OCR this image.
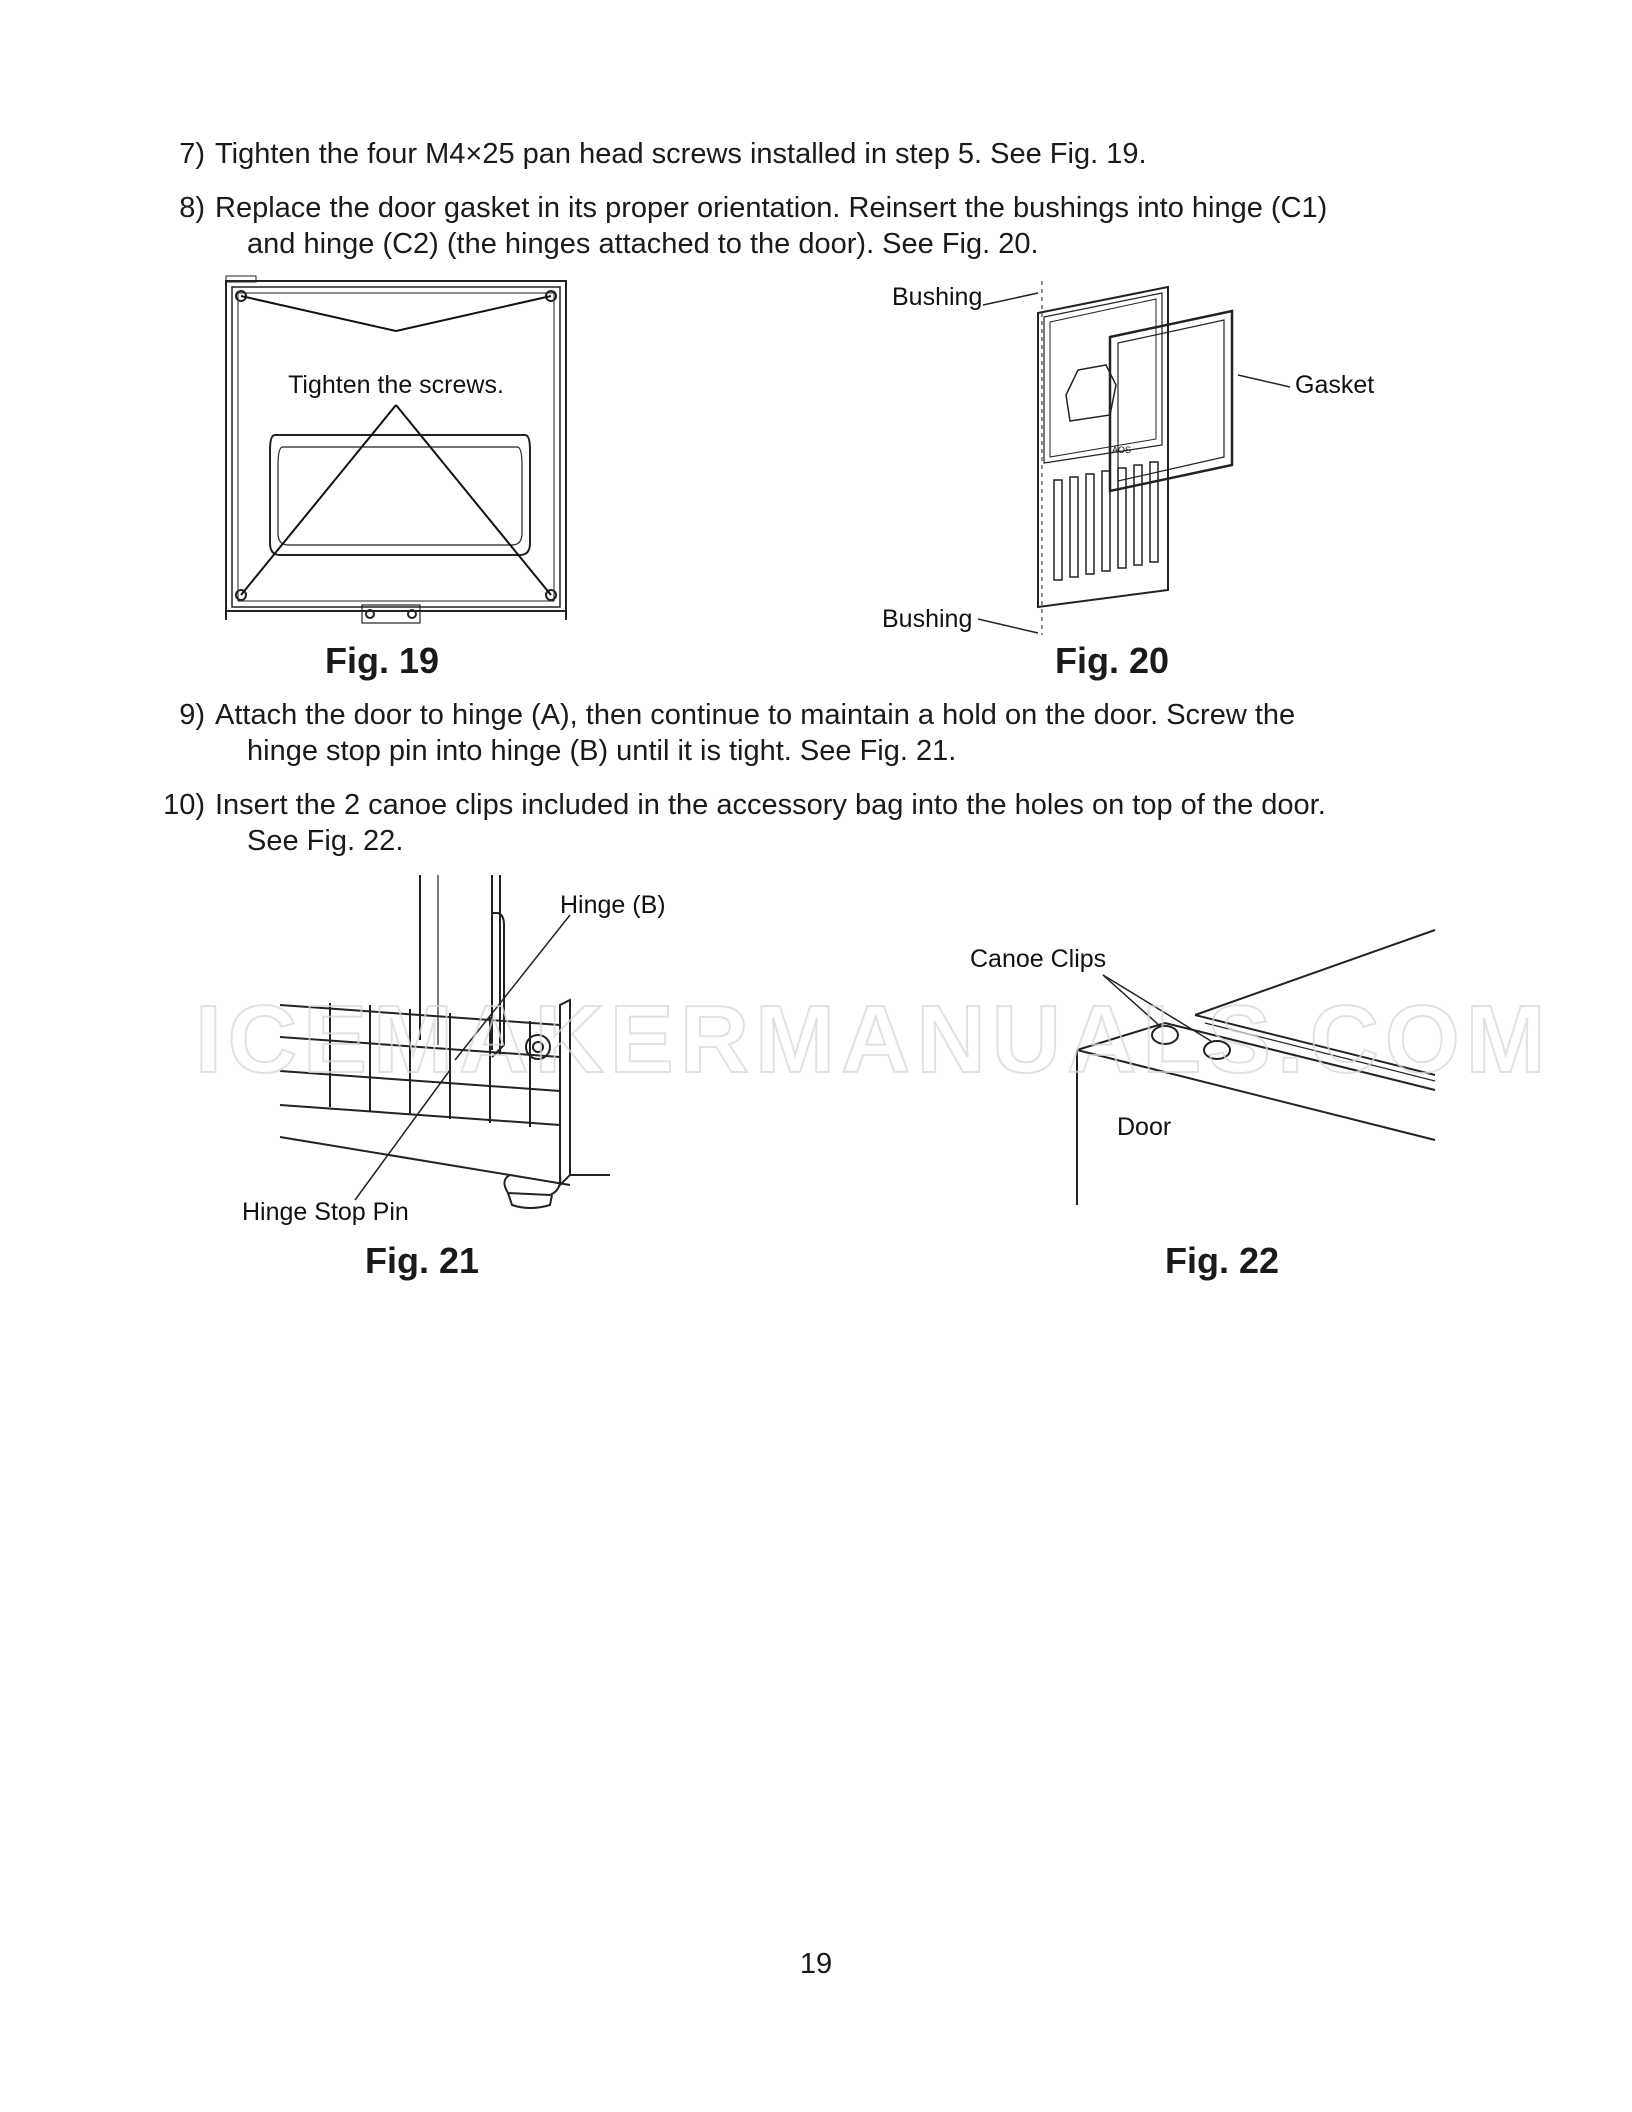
7) Tighten the four M4×25 pan head screws installed in step 5. See Fig. 19.
8) Replace the door gasket in its proper orientation. Reinsert the bushings into hinge (C1)
and hinge (C2) (the hinges attached to the door). See Fig. 20.
Tighten the screws.
Fig. 19
AOS
Bushing
Bushing
Gasket
Fig. 20
9) Attach the door to hinge (A), then continue to maintain a hold on the door. Screw the
hinge stop pin into hinge (B) until it is tight. See Fig. 21.
10) Insert the 2 canoe clips included in the accessory bag into the holes on top of the door.
See Fig. 22.
Hinge (B)
Hinge Stop Pin
Fig. 21
Canoe Clips
Door
Fig. 22
ICEMAKERMANUALS.COM

19
